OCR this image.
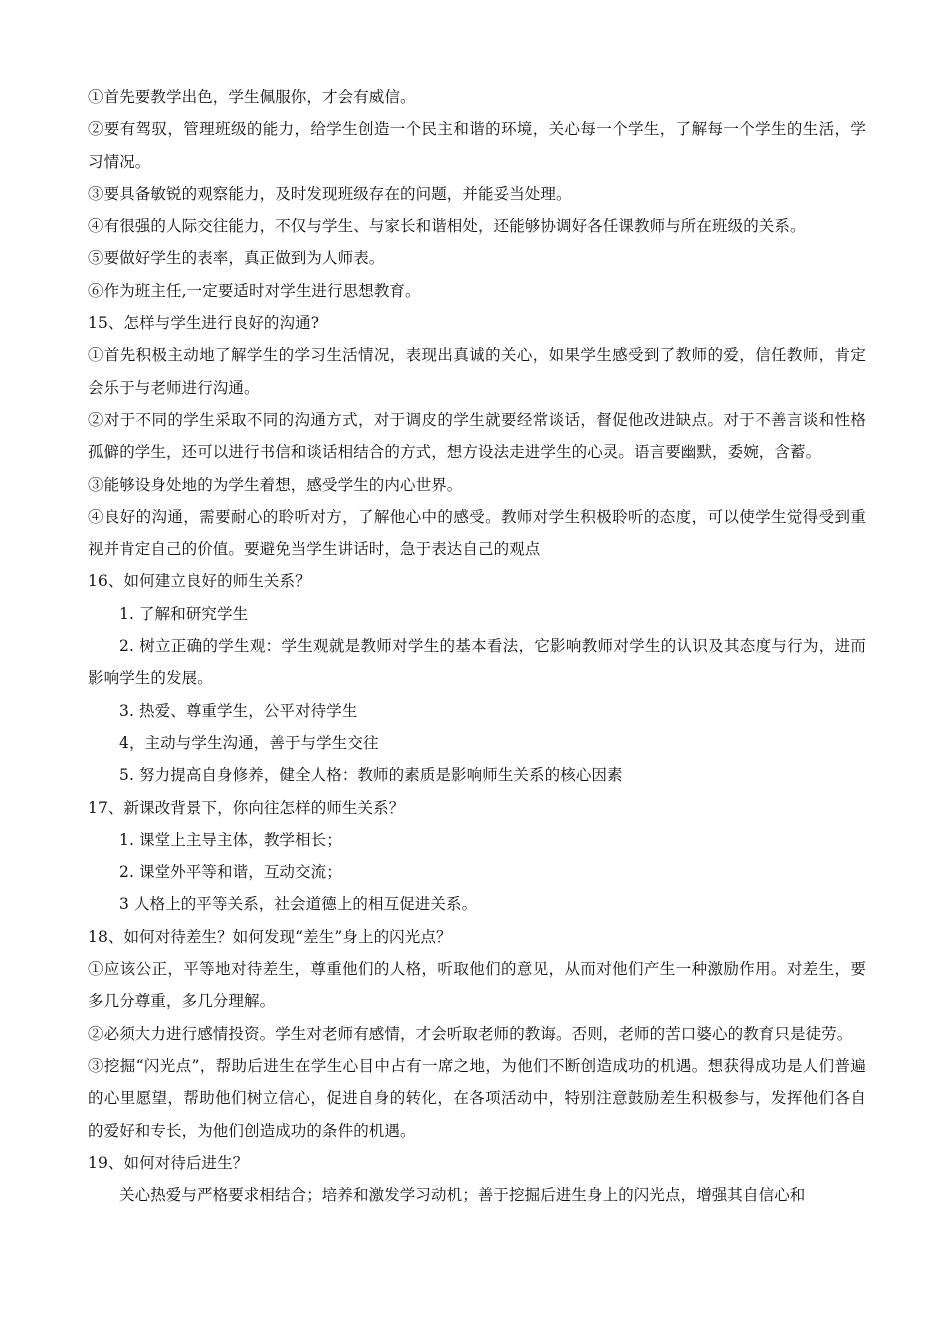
①首先要教学出色，学生佩服你，才会有威信。

②要有驾驭，管理班级的能力，给学生创造一个民主和谐的环境，关心每一个学生，了解每一个学生的生活，学习情况。

③要具备敏锐的观察能力，及时发现班级存在的问题，并能妥当处理。

④有很强的人际交往能力，不仅与学生、与家长和谐相处，还能够协调好各任课教师与所在班级的关系。

⑤要做好学生的表率，真正做到为人师表。

⑥作为班主任,一定要适时对学生进行思想教育。

15、怎样与学生进行良好的沟通?

①首先积极主动地了解学生的学习生活情况，表现出真诚的关心，如果学生感受到了教师的爱，信任教师，肯定会乐于与老师进行沟通。

②对于不同的学生采取不同的沟通方式，对于调皮的学生就要经常谈话，督促他改进缺点。对于不善言谈和性格孤僻的学生，还可以进行书信和谈话相结合的方式，想方设法走进学生的心灵。语言要幽默，委婉，含蓄。

③能够设身处地的为学生着想，感受学生的内心世界。

④良好的沟通，需要耐心的聆听对方，了解他心中的感受。教师对学生积极聆听的态度，可以使学生觉得受到重视并肯定自己的价值。要避免当学生讲话时，急于表达自己的观点

16、如何建立良好的师生关系？

1. 了解和研究学生

2. 树立正确的学生观：学生观就是教师对学生的基本看法，它影响教师对学生的认识及其态度与行为，进而影响学生的发展。

3. 热爱、尊重学生，公平对待学生

4，主动与学生沟通，善于与学生交往

5. 努力提高自身修养，健全人格：教师的素质是影响师生关系的核心因素

17、新课改背景下，你向往怎样的师生关系？

1. 课堂上主导主体，教学相长；

2. 课堂外平等和谐，互动交流；

3 人格上的平等关系，社会道德上的相互促进关系。

18、如何对待差生？如何发现“差生”身上的闪光点？

①应该公正，平等地对待差生，尊重他们的人格，听取他们的意见，从而对他们产生一种激励作用。对差生，要多几分尊重，多几分理解。

②必须大力进行感情投资。学生对老师有感情，才会听取老师的教诲。否则，老师的苦口婆心的教育只是徒劳。

③挖掘“闪光点”，帮助后进生在学生心目中占有一席之地，为他们不断创造成功的机遇。想获得成功是人们普遍的心里愿望，帮助他们树立信心，促进自身的转化，在各项活动中，特别注意鼓励差生积极参与，发挥他们各自的爱好和专长，为他们创造成功的条件的机遇。

19、如何对待后进生？

关心热爱与严格要求相结合；培养和激发学习动机；善于挖掘后进生身上的闪光点，增强其自信心和
